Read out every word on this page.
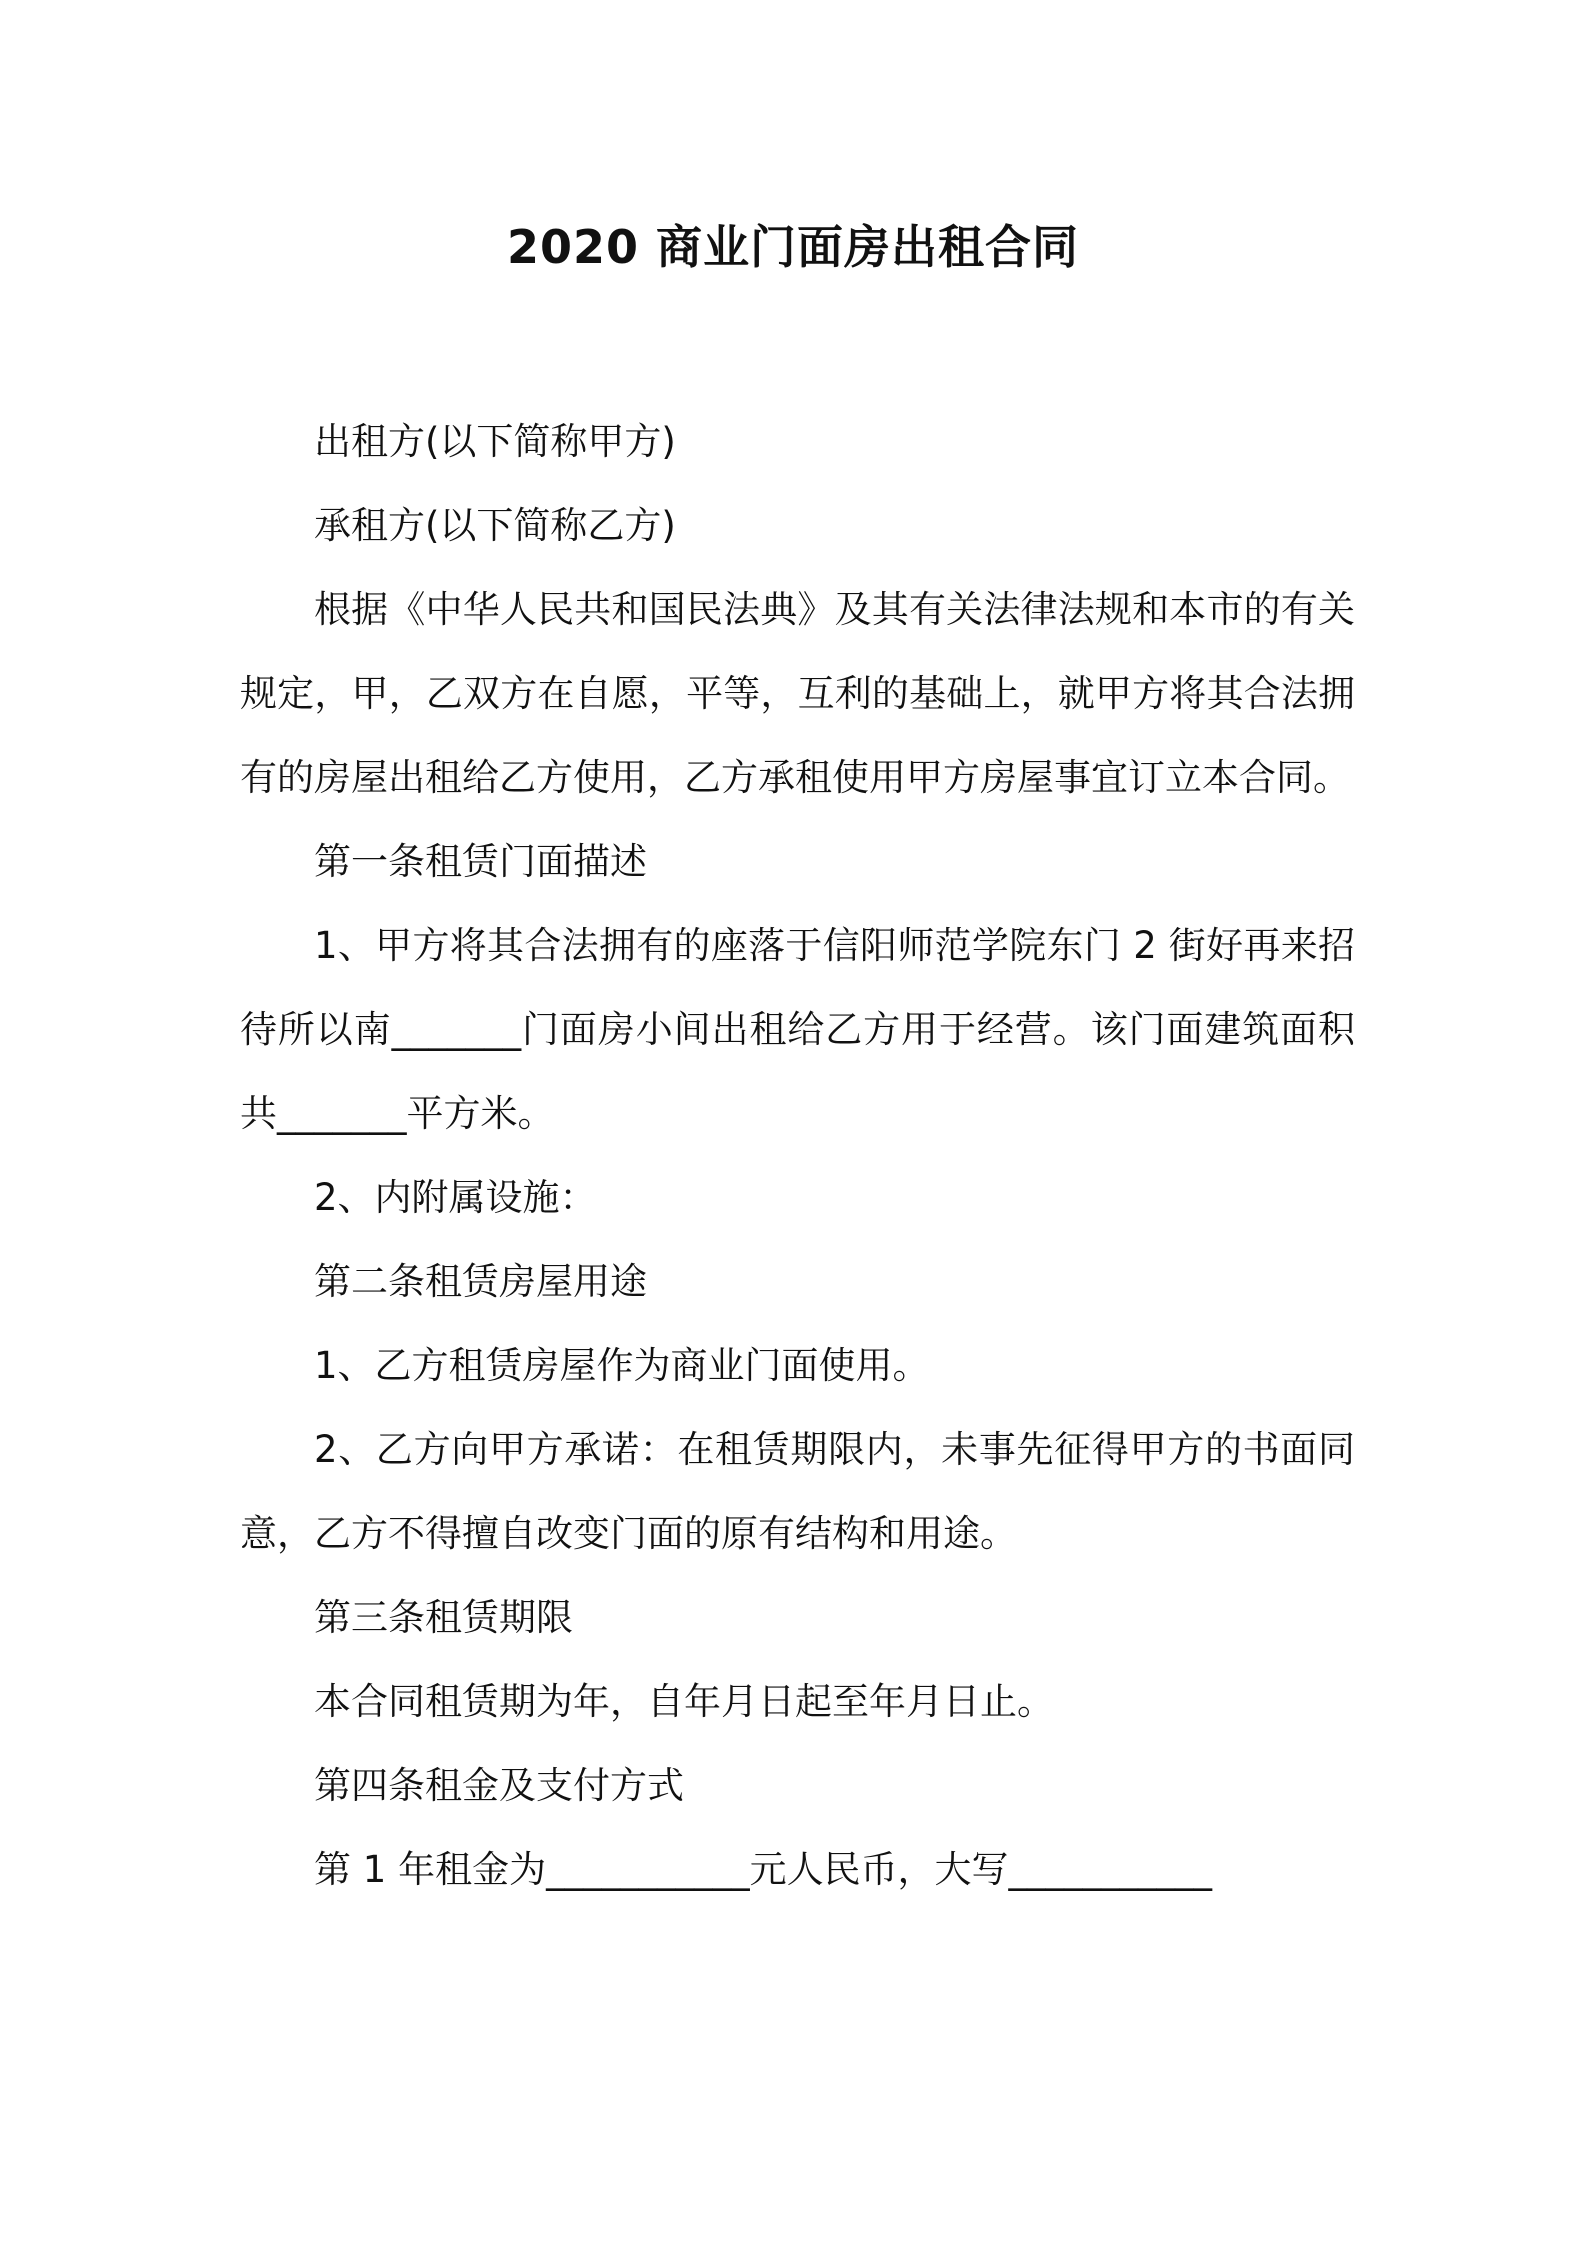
2020 商业门面房出租合同

出租方(以下简称甲方)

承租方(以下简称乙方)

根据《中华人民共和国民法典》及其有关法律法规和本市的有关规定，甲，乙双方在自愿，平等，互利的基础上，就甲方将其合法拥有的房屋出租给乙方使用，乙方承租使用甲方房屋事宜订立本合同。

第一条租赁门面描述

1、甲方将其合法拥有的座落于信阳师范学院东门 2 街好再来招待所以南_______门面房小间出租给乙方用于经营。该门面建筑面积共_______平方米。

2、内附属设施：

第二条租赁房屋用途

1、乙方租赁房屋作为商业门面使用。

2、乙方向甲方承诺：在租赁期限内，未事先征得甲方的书面同意，乙方不得擅自改变门面的原有结构和用途。

第三条租赁期限

本合同租赁期为年，自年月日起至年月日止。

第四条租金及支付方式

第 1 年租金为___________元人民币，大写___________
